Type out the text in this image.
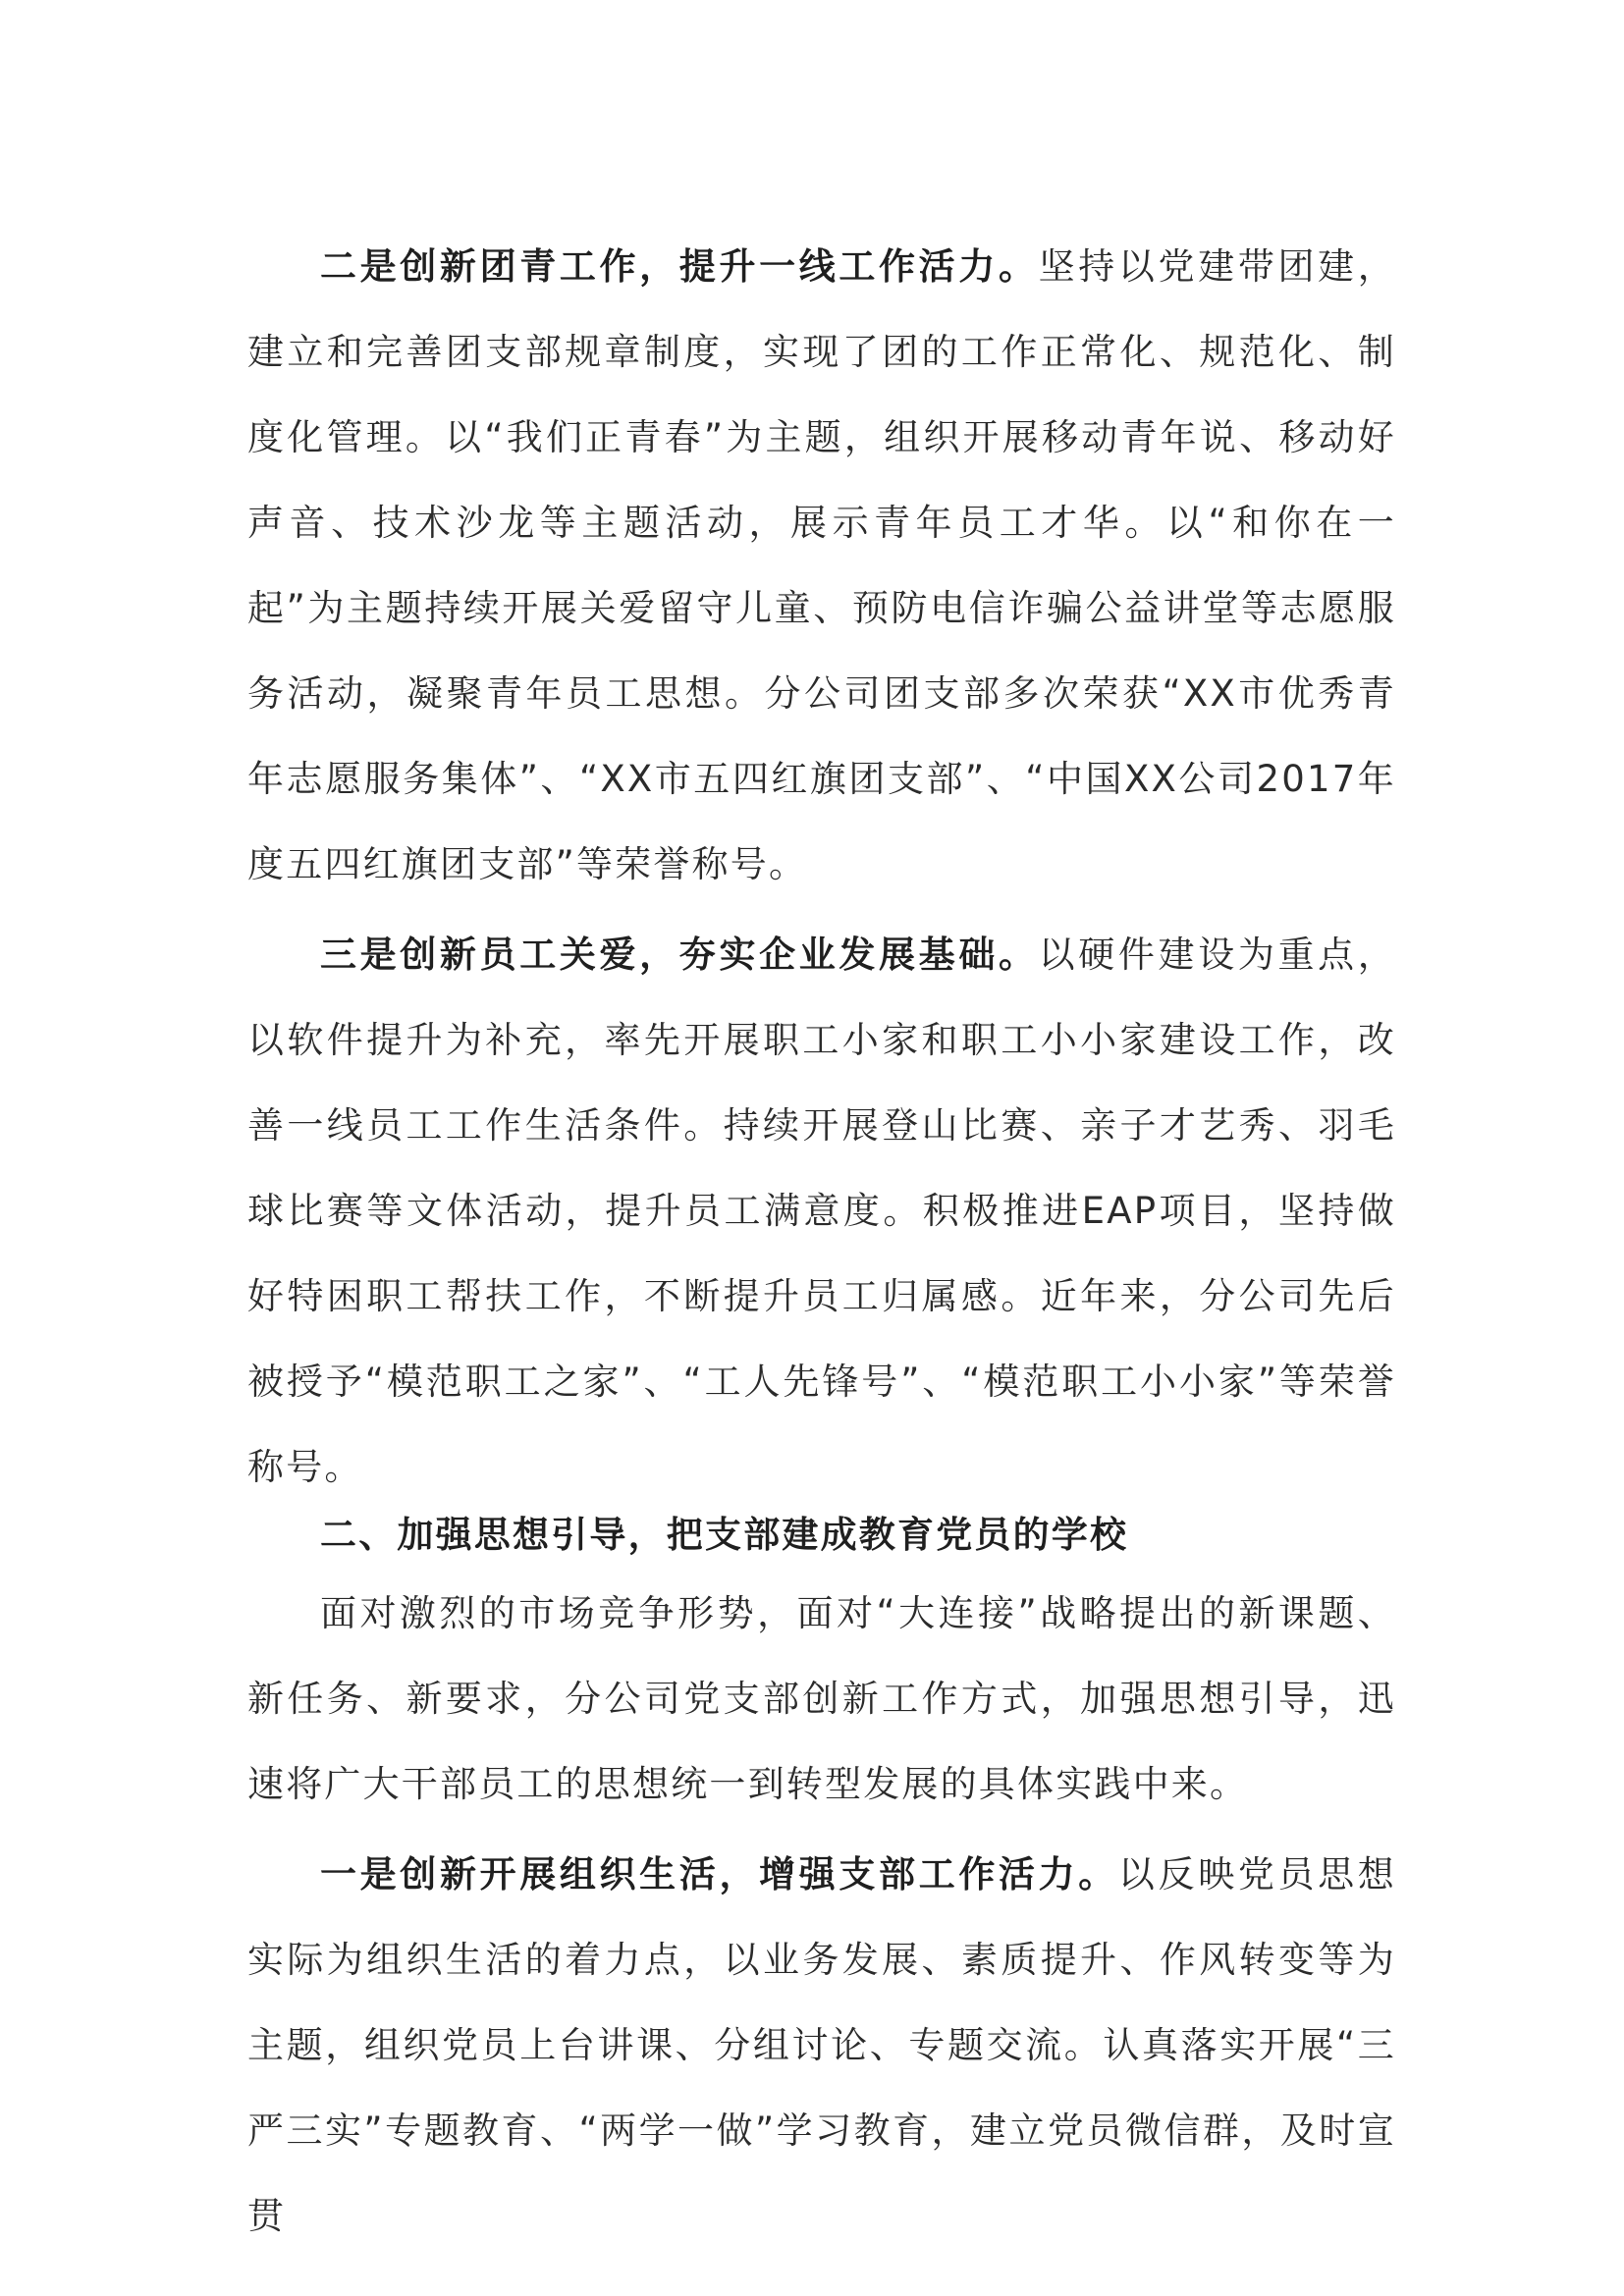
二是创新团青工作，提升一线工作活力。坚持以党建带团建，建立和完善团支部规章制度，实现了团的工作正常化、规范化、制度化管理。以“我们正青春”为主题，组织开展移动青年说、移动好声音、技术沙龙等主题活动，展示青年员工才华。以“和你在一起”为主题持续开展关爱留守儿童、预防电信诈骗公益讲堂等志愿服务活动，凝聚青年员工思想。分公司团支部多次荣获“XX市优秀青年志愿服务集体”、“XX市五四红旗团支部”、“中国XX公司2017年度五四红旗团支部”等荣誉称号。

三是创新员工关爱，夯实企业发展基础。以硬件建设为重点，以软件提升为补充，率先开展职工小家和职工小小家建设工作，改善一线员工工作生活条件。持续开展登山比赛、亲子才艺秀、羽毛球比赛等文体活动，提升员工满意度。积极推进EAP项目，坚持做好特困职工帮扶工作，不断提升员工归属感。近年来，分公司先后被授予“模范职工之家”、“工人先锋号”、“模范职工小小家”等荣誉称号。

二、加强思想引导，把支部建成教育党员的学校

面对激烈的市场竞争形势，面对“大连接”战略提出的新课题、新任务、新要求，分公司党支部创新工作方式，加强思想引导，迅速将广大干部员工的思想统一到转型发展的具体实践中来。

一是创新开展组织生活，增强支部工作活力。以反映党员思想实际为组织生活的着力点，以业务发展、素质提升、作风转变等为主题，组织党员上台讲课、分组讨论、专题交流。认真落实开展“三严三实”专题教育、“两学一做”学习教育，建立党员微信群，及时宣贯
